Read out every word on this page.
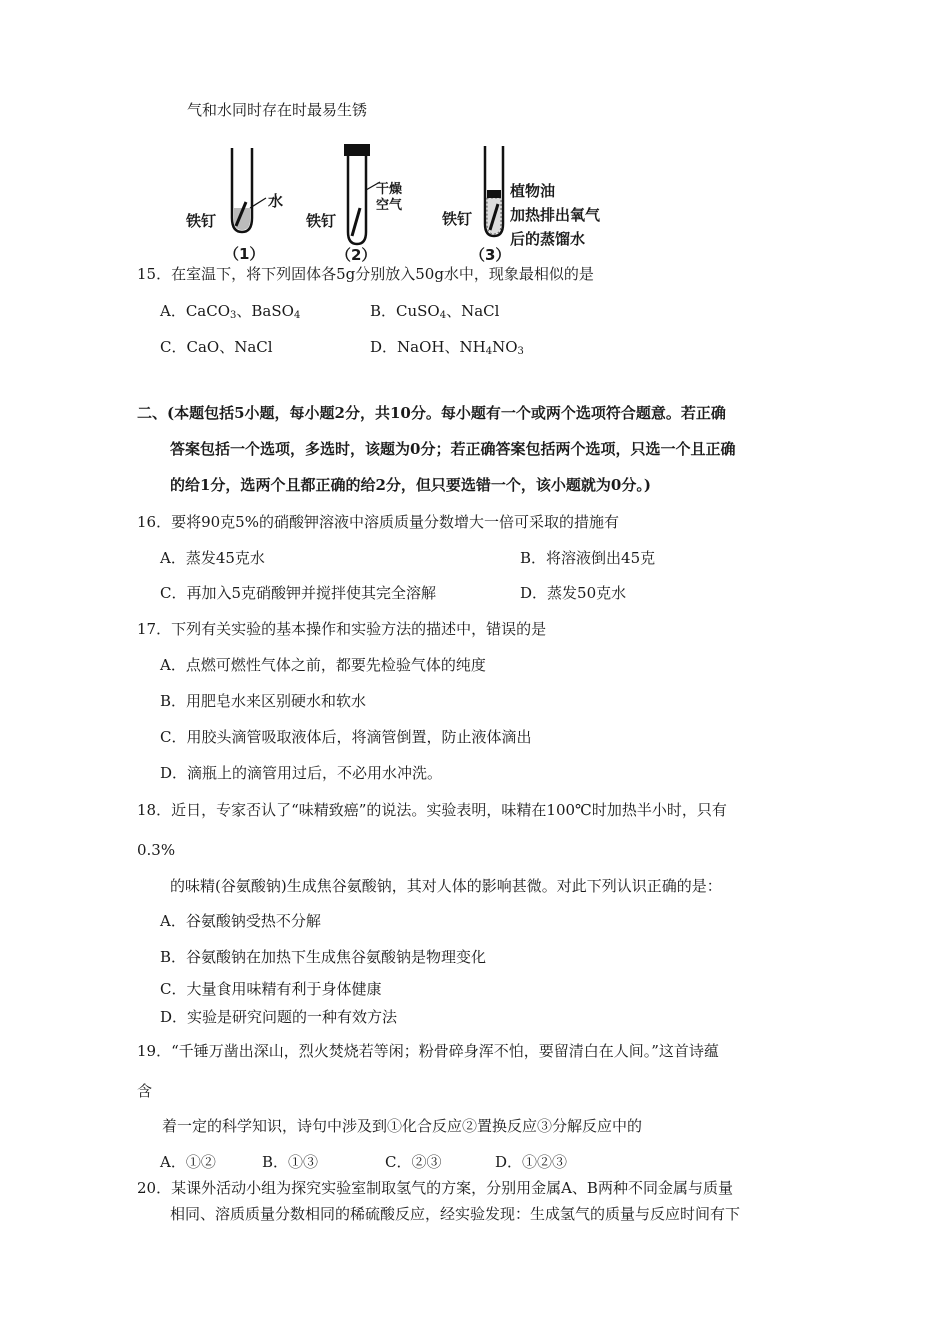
气和水同时存在时最易生锈
铁钉
水
（1）
铁钉
干燥
空气
（2）
铁钉
植物油
加热排出氧气
后的蒸馏水
（3）
15．在室温下，将下列固体各5g分别放入50g水中，现象最相似的是
A．CaCO$_3$、BaSO$_4$	B．CuSO$_4$、NaCl
C．CaO、NaCl	D．NaOH、$NH_4NO_3$
二、(本题包括5小题，每小题2分，共10分。每小题有一个或两个选项符合题意。若正确
答案包括一个选项，多选时，该题为0分；若正确答案包括两个选项，只选一个且正确
的给1分，选两个且都正确的给2分，但只要选错一个，该小题就为0分。)
16．要将90克5%的硝酸钾溶液中溶质质量分数增大一倍可采取的措施有
A．蒸发45克水	B．将溶液倒出45克
C．再加入5克硝酸钾并搅拌使其完全溶解	D．蒸发50克水
17．下列有关实验的基本操作和实验方法的描述中，错误的是
A．点燃可燃性气体之前，都要先检验气体的纯度
B．用肥皂水来区别硬水和软水
C．用胶头滴管吸取液体后，将滴管倒置，防止液体滴出
D．滴瓶上的滴管用过后，不必用水冲洗。
18．近日，专家否认了“味精致癌”的说法。实验表明，味精在100℃时加热半小时，只有
0.3%
的味精(谷氨酸钠)生成焦谷氨酸钠，其对人体的影响甚微。对此下列认识正确的是：
A．谷氨酸钠受热不分解
B．谷氨酸钠在加热下生成焦谷氨酸钠是物理变化
C．大量食用味精有利于身体健康
D．实验是研究问题的一种有效方法
19．“千锤万凿出深山，烈火焚烧若等闲；粉骨碎身浑不怕，要留清白在人间。”这首诗蕴
含
着一定的科学知识，诗句中涉及到①化合反应②置换反应③分解反应中的
A．①②	B．①③	C．②③	D．①②③
20．某课外活动小组为探究实验室制取氢气的方案，分别用金属A、B两种不同金属与质量
相同、溶质质量分数相同的稀硫酸反应，经实验发现：生成氢气的质量与反应时间有下
